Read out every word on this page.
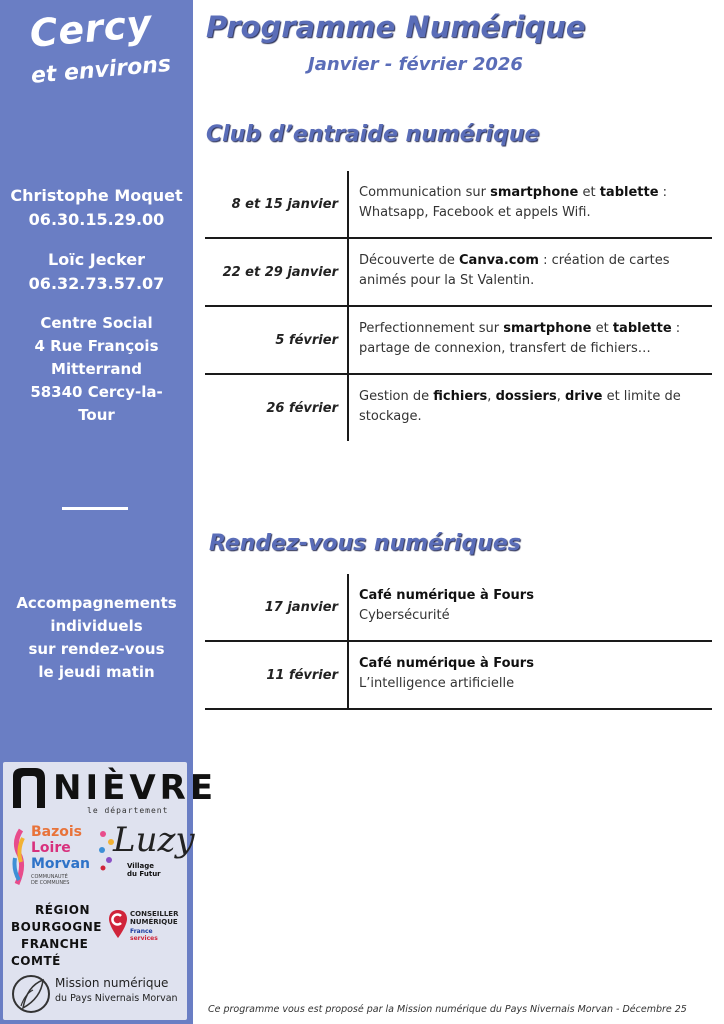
Cercy
et environs
Christophe Moquet
06.30.15.29.00
Loïc Jecker
06.32.73.57.07
Centre Social
4 Rue François
Mitterrand
58340 Cercy-la-
Tour
Accompagnements
individuels
sur rendez-vous
le jeudi matin
NIÈVRE
le département
Bazois
Loire
Morvan
COMMUNAUTÉ DE COMMUNES
Luzy
Village du Futur
RÉGION
BOURGOGNE
FRANCHE
COMTÉ
CONSEILLER
NUMÉRIQUE
France
services
Mission numérique
du Pays Nivernais Morvan
Programme Numérique
Janvier - février 2026
Club d’entraide numérique
8 et 15 janvier
Communication sur smartphone et tablette : Whatsapp, Facebook et appels Wifi.
22 et 29 janvier
Découverte de Canva.com : création de cartes animés pour la St Valentin.
5 février
Perfectionnement sur smartphone et tablette : partage de connexion, transfert de fichiers…
26 février
Gestion de fichiers, dossiers, drive et limite de stockage.
Rendez-vous numériques
17 janvier
Café numérique à Fours
Cybersécurité
11 février
Café numérique à Fours
L’intelligence artificielle
Ce programme vous est proposé par la Mission numérique du Pays Nivernais Morvan - Décembre 25
